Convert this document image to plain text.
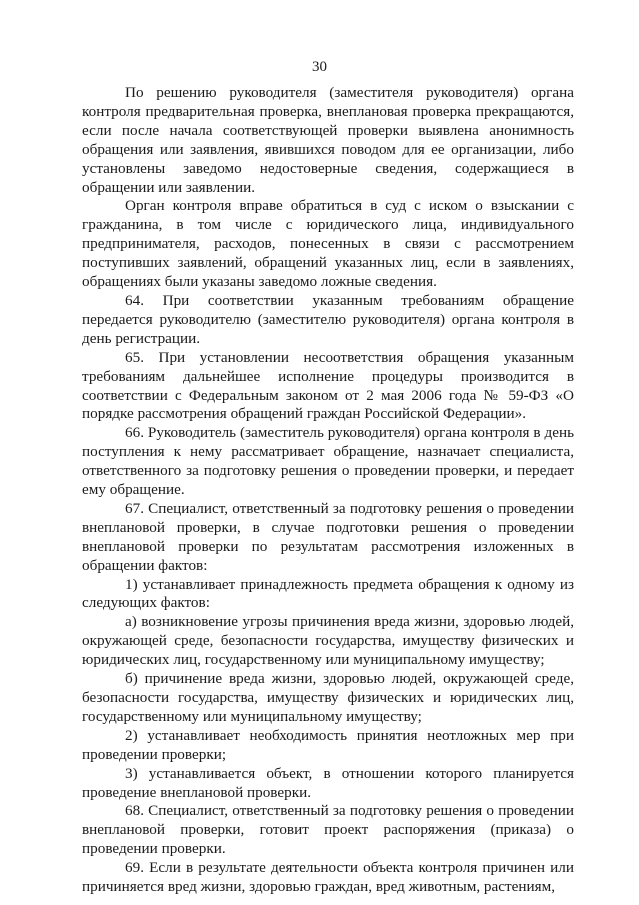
30

По решению руководителя (заместителя руководителя) органа контроля предварительная проверка, внеплановая проверка прекращаются, если после начала соответствующей проверки выявлена анонимность обращения или заявления, явившихся поводом для ее организации, либо установлены заведомо недостоверные сведения, содержащиеся в обращении или заявлении.

Орган контроля вправе обратиться в суд с иском о взыскании с гражданина, в том числе с юридического лица, индивидуального предпринимателя, расходов, понесенных в связи с рассмотрением поступивших заявлений, обращений указанных лиц, если в заявлениях, обращениях были указаны заведомо ложные сведения.

64. При соответствии указанным требованиям обращение передается руководителю (заместителю руководителя) органа контроля в день регистрации.

65. При установлении несоответствия обращения указанным требованиям дальнейшее исполнение процедуры производится в соответствии с Федеральным законом от 2 мая 2006 года № 59-ФЗ «О порядке рассмотрения обращений граждан Российской Федерации».

66. Руководитель (заместитель руководителя) органа контроля в день поступления к нему рассматривает обращение, назначает специалиста, ответственного за подготовку решения о проведении проверки, и передает ему обращение.

67. Специалист, ответственный за подготовку решения о проведении внеплановой проверки, в случае подготовки решения о проведении внеплановой проверки по результатам рассмотрения изложенных в обращении фактов:

1) устанавливает принадлежность предмета обращения к одному из следующих фактов:

а) возникновение угрозы причинения вреда жизни, здоровью людей, окружающей среде, безопасности государства, имуществу физических и юридических лиц, государственному или муниципальному имуществу;

б) причинение вреда жизни, здоровью людей, окружающей среде, безопасности государства, имуществу физических и юридических лиц, государственному или муниципальному имуществу;

2) устанавливает необходимость принятия неотложных мер при проведении проверки;

3) устанавливается объект, в отношении которого планируется проведение внеплановой проверки.

68. Специалист, ответственный за подготовку решения о проведении внеплановой проверки, готовит проект распоряжения (приказа) о проведении проверки.

69. Если в результате деятельности объекта контроля причинен или причиняется вред жизни, здоровью граждан, вред животным, растениям,
